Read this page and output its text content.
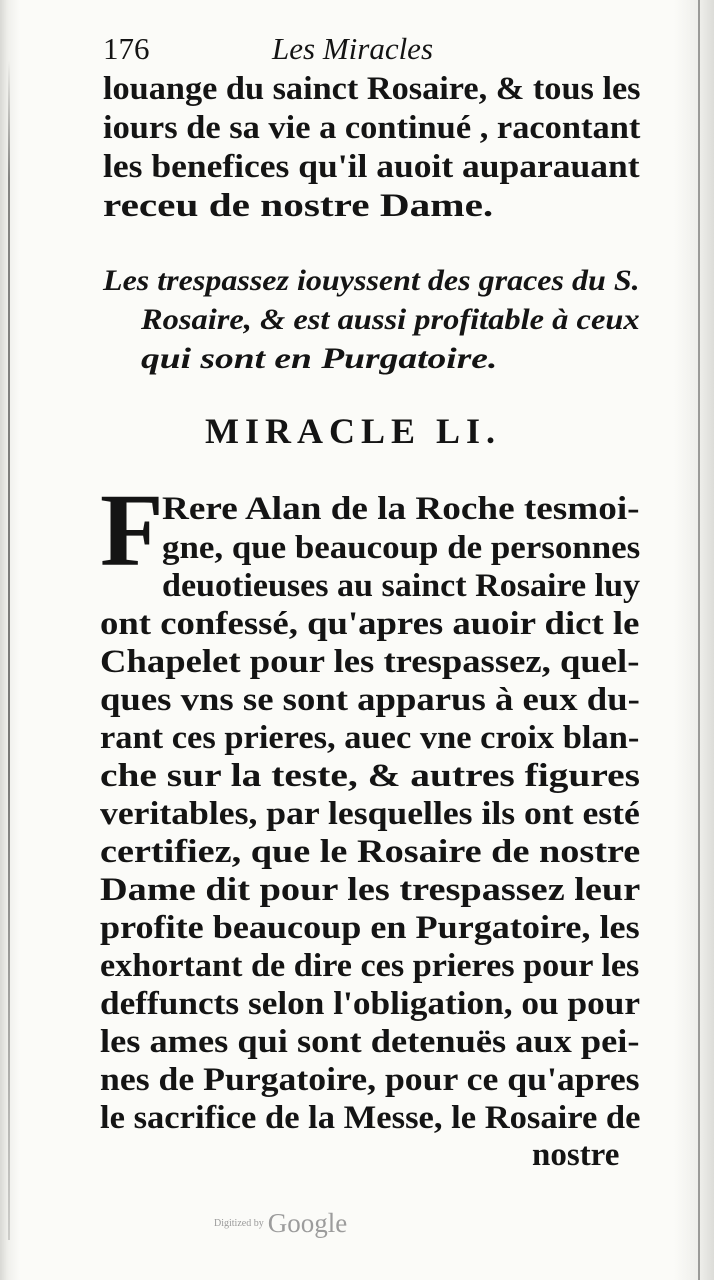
176	Les Miracles
louange du sainct Rosaire, & tous les
iours de sa vie a continué , racontant
les benefices qu'il auoit auparauant
receu de nostre Dame.
Les trespassez iouyssent des graces du S.
Rosaire, & est aussi profitable à ceux
qui sont en Purgatoire.
MIRACLE LI.
F
Rere Alan de la Roche tesmoi-
gne, que beaucoup de personnes
deuotieuses au sainct Rosaire luy
ont confessé, qu'apres auoir dict le
Chapelet pour les trespassez, quel-
ques vns se sont apparus à eux du-
rant ces prieres, auec vne croix blan-
che sur la teste, & autres figures
veritables, par lesquelles ils ont esté
certifiez, que le Rosaire de nostre
Dame dit pour les trespassez leur
profite beaucoup en Purgatoire, les
exhortant de dire ces prieres pour les
deffuncts selon l'obligation, ou pour
les ames qui sont detenuës aux pei-
nes de Purgatoire, pour ce qu'apres
le sacrifice de la Messe, le Rosaire de
nostre
Digitized by Google
